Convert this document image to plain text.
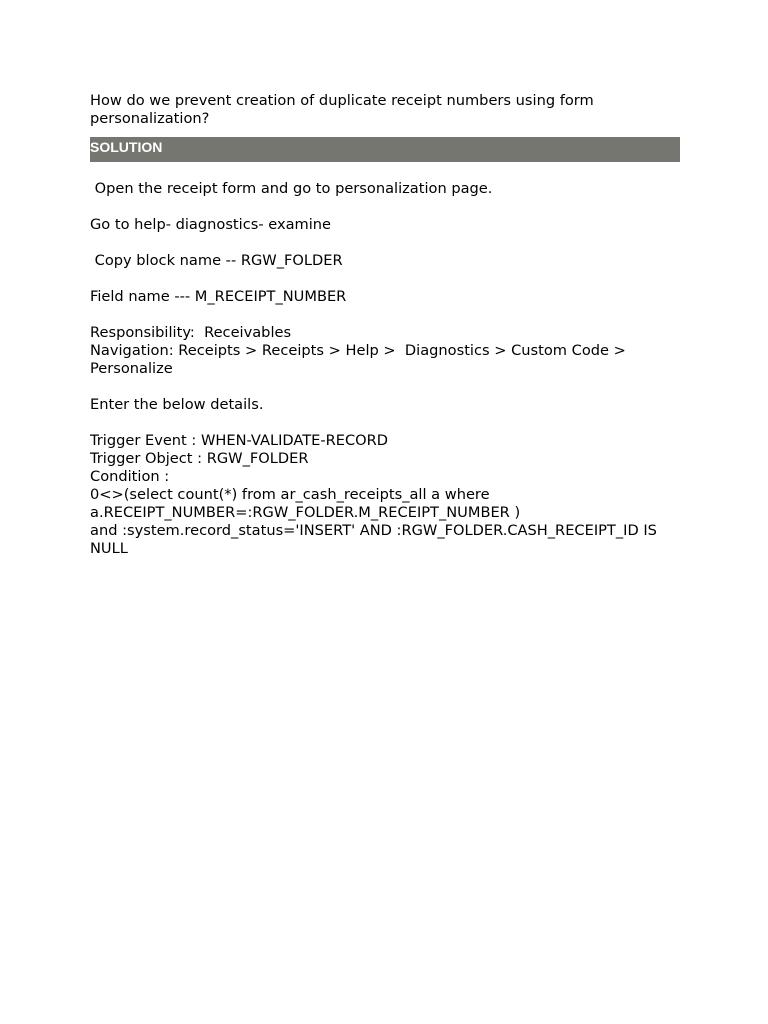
How do we prevent creation of duplicate receipt numbers using form personalization?

SOLUTION

Open the receipt form and go to personalization page.

Go to help- diagnostics- examine

Copy block name -- RGW_FOLDER

Field name --- M_RECEIPT_NUMBER

Responsibility:  Receivables

Navigation: Receipts > Receipts > Help >  Diagnostics > Custom Code > Personalize

Enter the below details.

Trigger Event : WHEN-VALIDATE-RECORD

Trigger Object : RGW_FOLDER

Condition :

0<>(select count(*) from ar_cash_receipts_all a where

a.RECEIPT_NUMBER=:RGW_FOLDER.M_RECEIPT_NUMBER )

and :system.record_status='INSERT' AND :RGW_FOLDER.CASH_RECEIPT_ID IS NULL
